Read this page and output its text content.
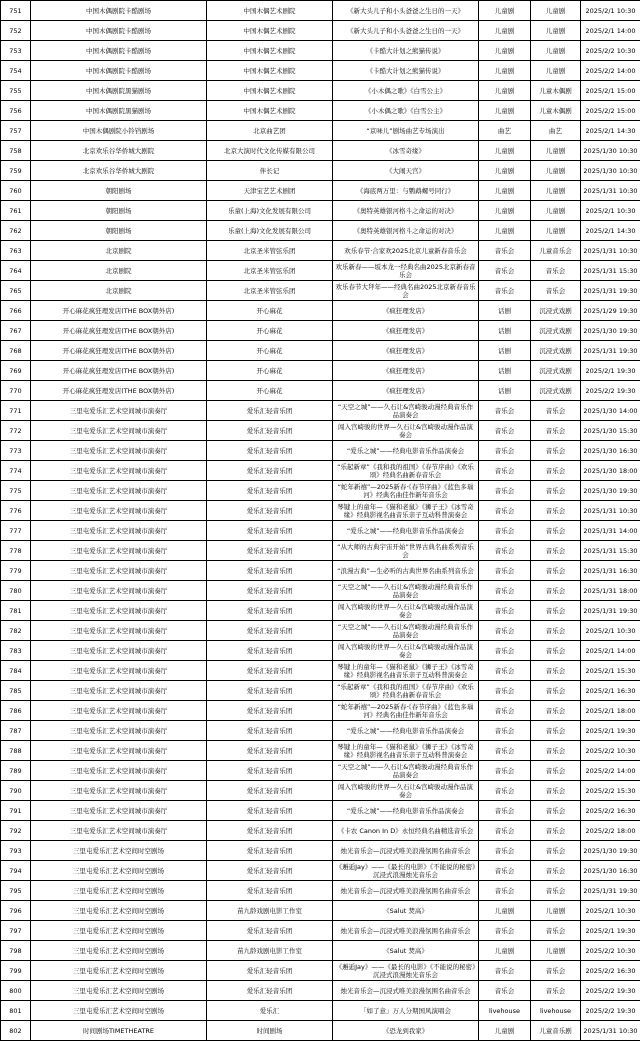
751	中国木偶剧院卡酷剧场	中国木偶艺术剧院	《新大头儿子和小头爸爸之生日的一天》	儿童剧	儿童剧	2025/2/1 10:30
752	中国木偶剧院卡酷剧场	中国木偶艺术剧院	《新大头儿子和小头爸爸之生日的一天》	儿童剧	儿童剧	2025/2/1 14:00
753	中国木偶剧院卡酷剧场	中国木偶艺术剧院	《卡酷大计划之熊猫传说》	儿童剧	儿童剧	2025/2/2 10:30
754	中国木偶剧院卡酷剧场	中国木偶艺术剧院	《卡酷大计划之熊猫传说》	儿童剧	儿童剧	2025/2/2 14:00
755	中国木偶剧院黑猫剧场	中国木偶艺术剧院	《小木偶之歌》《白雪公主》	儿童剧	儿童木偶剧	2025/2/1 15:00
756	中国木偶剧院黑猫剧场	中国木偶艺术剧院	《小木偶之歌》《白雪公主》	儿童剧	儿童木偶剧	2025/2/2 15:00
757	中国木偶剧院小铃铛剧场	北京曲艺团	“京味儿”剧场曲艺专场演出	曲艺	曲艺	2025/2/1 14:30
758	北京欢乐谷华侨城大剧院	北京大演时代文化传媒有限公司	《冰雪奇缘》	儿童剧	儿童剧	2025/1/30 10:30
759	北京欢乐谷华侨城大剧院	伴长记	《大闹天宫》	儿童剧	儿童剧	2025/1/30 10:30
760	朝阳剧场	天津宝艺艺术剧团	《海底两万里：与鹦鹉螺号同行》	儿童剧	儿童剧	2025/1/31 10:30
761	朝阳剧场	乐童(上海)文化发展有限公司	《奥特英雄银河格斗之命运的对决》	儿童剧	儿童剧	2025/2/1 10:30
762	朝阳剧场	乐童(上海)文化发展有限公司	《奥特英雄银河格斗之命运的对决》	儿童剧	儿童剧	2025/2/1 14:30
763	北京剧院	北京圣米管弦乐团	欢乐春节·合家欢2025北京儿童新春音乐会	音乐会	儿童音乐会	2025/1/31 10:30
764	北京剧院	北京圣米管弦乐团	欢乐新春——坂本龙一经典名曲2025北京新春音乐会	音乐会	音乐会	2025/1/31 15:30
765	北京剧院	北京圣米管弦乐团	欢乐春节大拜年——经典名曲2025北京新春音乐会	音乐会	音乐会	2025/1/31 19:30
766	开心麻花疯狂理发店(THE BOX朝外店)	开心麻花	《疯狂理发店》	话剧	沉浸式戏剧	2025/1/29 19:30
767	开心麻花疯狂理发店(THE BOX朝外店)	开心麻花	《疯狂理发店》	话剧	沉浸式戏剧	2025/1/30 19:30
768	开心麻花疯狂理发店(THE BOX朝外店)	开心麻花	《疯狂理发店》	话剧	沉浸式戏剧	2025/1/31 19:30
769	开心麻花疯狂理发店(THE BOX朝外店)	开心麻花	《疯狂理发店》	话剧	沉浸式戏剧	2025/2/1 19:30
770	开心麻花疯狂理发店(THE BOX朝外店)	开心麻花	《疯狂理发店》	话剧	沉浸式戏剧	2025/2/2 19:30
771	三里屯爱乐汇艺术空间城市演奏厅	爱乐汇轻音乐团	“天空之城”——久石让&宫崎骏动漫经典音乐作品演奏会	音乐会	音乐会	2025/1/30 14:00
772	三里屯爱乐汇艺术空间城市演奏厅	爱乐汇轻音乐团	闯入宫崎骏的世界—久石让&宫崎骏动漫作品演奏会	音乐会	音乐会	2025/1/30 15:30
773	三里屯爱乐汇艺术空间城市演奏厅	爱乐汇轻音乐团	“爱乐之城”——经典电影音乐作品演奏会	音乐会	音乐会	2025/1/30 16:30
774	三里屯爱乐汇艺术空间城市演奏厅	爱乐汇轻音乐团	“乐起新章”《我和我的祖国》《春节序曲》《欢乐颂》经典名曲新春音乐会	音乐会	音乐会	2025/1/30 18:00
775	三里屯爱乐汇艺术空间城市演奏厅	爱乐汇轻音乐团	“蛇年新禧”—2025新春·《春节序曲》《蓝色多瑙河》经典名曲佳作新年音乐会	音乐会	音乐会	2025/1/30 19:30
776	三里屯爱乐汇艺术空间城市演奏厅	爱乐汇轻音乐团	琴键上的童年—《猫和老鼠》《狮子王》《冰雪奇缘》经典影视名曲音乐亲子互动科普演奏会	音乐会	音乐会	2025/1/31 10:30
777	三里屯爱乐汇艺术空间城市演奏厅	爱乐汇轻音乐团	“爱乐之城”——经典电影音乐作品演奏会	音乐会	音乐会	2025/1/31 14:00
778	三里屯爱乐汇艺术空间城市演奏厅	爱乐汇轻音乐团	“从大师的古典宇宙开始”世界古典名曲系列音乐会	音乐会	音乐会	2025/1/31 15:30
779	三里屯爱乐汇艺术空间城市演奏厅	爱乐汇轻音乐团	“浪漫古典”—生必听的古典世界名曲系列音乐会	音乐会	音乐会	2025/1/31 16:30
780	三里屯爱乐汇艺术空间城市演奏厅	爱乐汇轻音乐团	“天空之城”——久石让&宫崎骏动漫经典音乐作品演奏会	音乐会	音乐会	2025/1/31 18:00
781	三里屯爱乐汇艺术空间城市演奏厅	爱乐汇轻音乐团	闯入宫崎骏的世界—久石让&宫崎骏动漫作品演奏会	音乐会	音乐会	2025/1/31 19:30
782	三里屯爱乐汇艺术空间城市演奏厅	爱乐汇轻音乐团	“天空之城”——久石让&宫崎骏动漫经典音乐作品演奏会	音乐会	音乐会	2025/2/1 10:30
783	三里屯爱乐汇艺术空间城市演奏厅	爱乐汇轻音乐团	闯入宫崎骏的世界—久石让&宫崎骏动漫作品演奏会	音乐会	音乐会	2025/2/1 14:00
784	三里屯爱乐汇艺术空间城市演奏厅	爱乐汇轻音乐团	琴键上的童年—《猫和老鼠》《狮子王》《冰雪奇缘》经典影视名曲音乐亲子互动科普演奏会	音乐会	音乐会	2025/2/1 15:30
785	三里屯爱乐汇艺术空间城市演奏厅	爱乐汇轻音乐团	“乐起新章”《我和我的祖国》《春节序曲》《欢乐颂》经典名曲新春音乐会	音乐会	音乐会	2025/2/1 16:30
786	三里屯爱乐汇艺术空间城市演奏厅	爱乐汇轻音乐团	“蛇年新禧”—2025新春·《春节序曲》《蓝色多瑙河》经典名曲佳作新年音乐会	音乐会	音乐会	2025/2/1 18:00
787	三里屯爱乐汇艺术空间城市演奏厅	爱乐汇轻音乐团	“爱乐之城”——经典电影音乐作品演奏会	音乐会	音乐会	2025/2/1 19:30
788	三里屯爱乐汇艺术空间城市演奏厅	爱乐汇轻音乐团	琴键上的童年—《猫和老鼠》《狮子王》《冰雪奇缘》经典影视名曲音乐亲子互动科普演奏会	音乐会	音乐会	2025/2/2 10:30
789	三里屯爱乐汇艺术空间城市演奏厅	爱乐汇轻音乐团	“天空之城”——久石让&宫崎骏动漫经典音乐作品演奏会	音乐会	音乐会	2025/2/2 14:00
790	三里屯爱乐汇艺术空间城市演奏厅	爱乐汇轻音乐团	闯入宫崎骏的世界—久石让&宫崎骏动漫作品演奏会	音乐会	音乐会	2025/2/2 15:30
791	三里屯爱乐汇艺术空间城市演奏厅	爱乐汇轻音乐团	“爱乐之城”——经典电影音乐作品演奏会	音乐会	音乐会	2025/2/2 16:30
792	三里屯爱乐汇艺术空间城市演奏厅	爱乐汇轻音乐团	《卡农 Canon In D》永恒经典名曲精选音乐会	音乐会	音乐会	2025/2/2 18:00
793	三里屯爱乐汇艺术空间时空剧场	爱乐汇轻音乐团	烛光音乐会—沉浸式唯美浪漫氛围名曲音乐会	音乐会	音乐会	2025/1/30 19:30
794	三里屯爱乐汇艺术空间时空剧场	爱乐汇轻音乐团	《邂逅Jay》——《最长的电影》《不能说的秘密》沉浸式浪漫烛光音乐会	音乐会	音乐会	2025/1/30 16:30
795	三里屯爱乐汇艺术空间时空剧场	爱乐汇轻音乐团	烛光音乐会—沉浸式唯美浪漫氛围名曲音乐会	音乐会	音乐会	2025/1/31 19:30
796	三里屯爱乐汇艺术空间时空剧场	苗九龄戏剧电影工作室	《Salut 焚高》	儿童剧	儿童剧	2025/2/1 10:30
797	三里屯爱乐汇艺术空间时空剧场	爱乐汇轻音乐团	烛光音乐会—沉浸式唯美浪漫氛围名曲音乐会	音乐会	音乐会	2025/2/1 19:30
798	三里屯爱乐汇艺术空间时空剧场	苗九龄戏剧电影工作室	《Salut 焚高》	儿童剧	儿童剧	2025/2/2 10:30
799	三里屯爱乐汇艺术空间时空剧场	爱乐汇轻音乐团	《邂逅Jay》——《最长的电影》《不能说的秘密》沉浸式浪漫烛光音乐会	音乐会	音乐会	2025/2/2 16:30
800	三里屯爱乐汇艺术空间时空剧场	爱乐汇轻音乐团	烛光音乐会—沉浸式唯美浪漫氛围名曲音乐会	音乐会	音乐会	2025/2/2 19:30
801	三里屯爱乐汇艺术空间时空剧场	爱乐汇	「如了意」万人分期国风演唱会	livehouse	livehouse	2025/2/2 19:30
802	时间剧场TIMETHEATRE	时间剧场	《恐龙到我家》	儿童剧	儿童音乐剧	2025/1/31 10:30
